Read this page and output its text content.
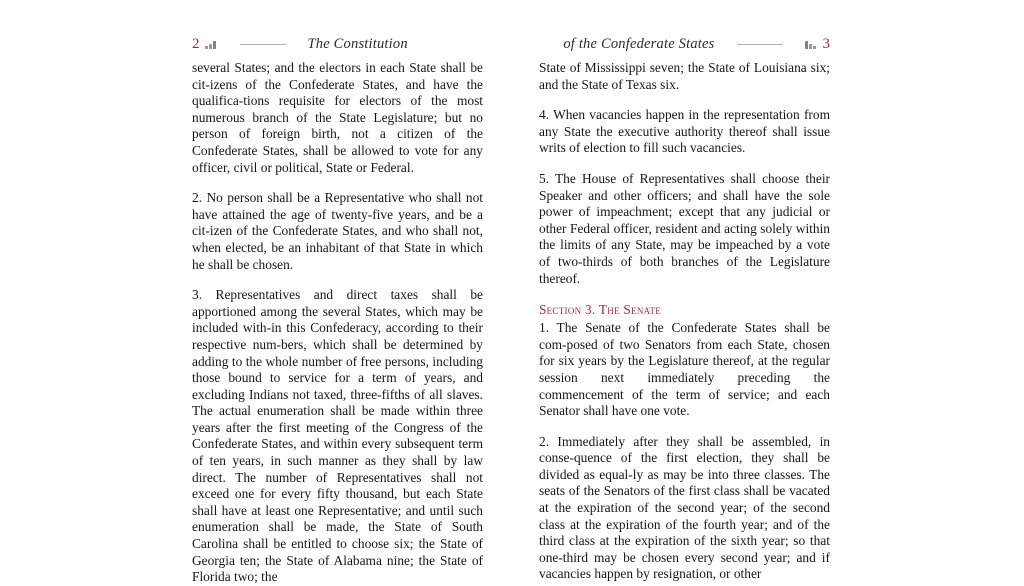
2	The Constitution	of the Confederate States	3

several States; and the electors in each State shall be cit‑izens of the Confederate States, and have the qualifica‑tions requisite for electors of the most numerous branch of the State Legislature; but no person of foreign birth, not a citizen of the Confederate States, shall be allowed to vote for any officer, civil or political, State or Federal.

2. No person shall be a Representative who shall not have attained the age of twenty-five years, and be a cit‑izen of the Confederate States, and who shall not, when elected, be an inhabitant of that State in which he shall be chosen.

3. Representatives and direct taxes shall be apportioned among the several States, which may be included with‑in this Confederacy, according to their respective num‑bers, which shall be determined by adding to the whole number of free persons, including those bound to service for a term of years, and excluding Indians not taxed, three-fifths of all slaves. The actual enumeration shall be made within three years after the first meeting of the Congress of the Confederate States, and within every subsequent term of ten years, in such manner as they shall by law direct. The number of Representatives shall not exceed one for every fifty thousand, but each State shall have at least one Representative; and until such enumeration shall be made, the State of South Carolina shall be entitled to choose six; the State of Georgia ten; the State of Alabama nine; the State of Florida two; the

State of Mississippi seven; the State of Louisiana six; and the State of Texas six.

4. When vacancies happen in the representation from any State the executive authority thereof shall issue writs of election to fill such vacancies.

5. The House of Representatives shall choose their Speaker and other officers; and shall have the sole power of impeachment; except that any judicial or other Federal officer, resident and acting solely within the limits of any State, may be impeached by a vote of two-thirds of both branches of the Legislature thereof.

Section 3. The Senate

1. The Senate of the Confederate States shall be com‑posed of two Senators from each State, chosen for six years by the Legislature thereof, at the regular session next immediately preceding the commencement of the term of service; and each Senator shall have one vote.

2. Immediately after they shall be assembled, in conse‑quence of the first election, they shall be divided as equal‑ly as may be into three classes. The seats of the Senators of the first class shall be vacated at the expiration of the second year; of the second class at the expiration of the fourth year; and of the third class at the expiration of the sixth year; so that one-third may be chosen every second year; and if vacancies happen by resignation, or other
